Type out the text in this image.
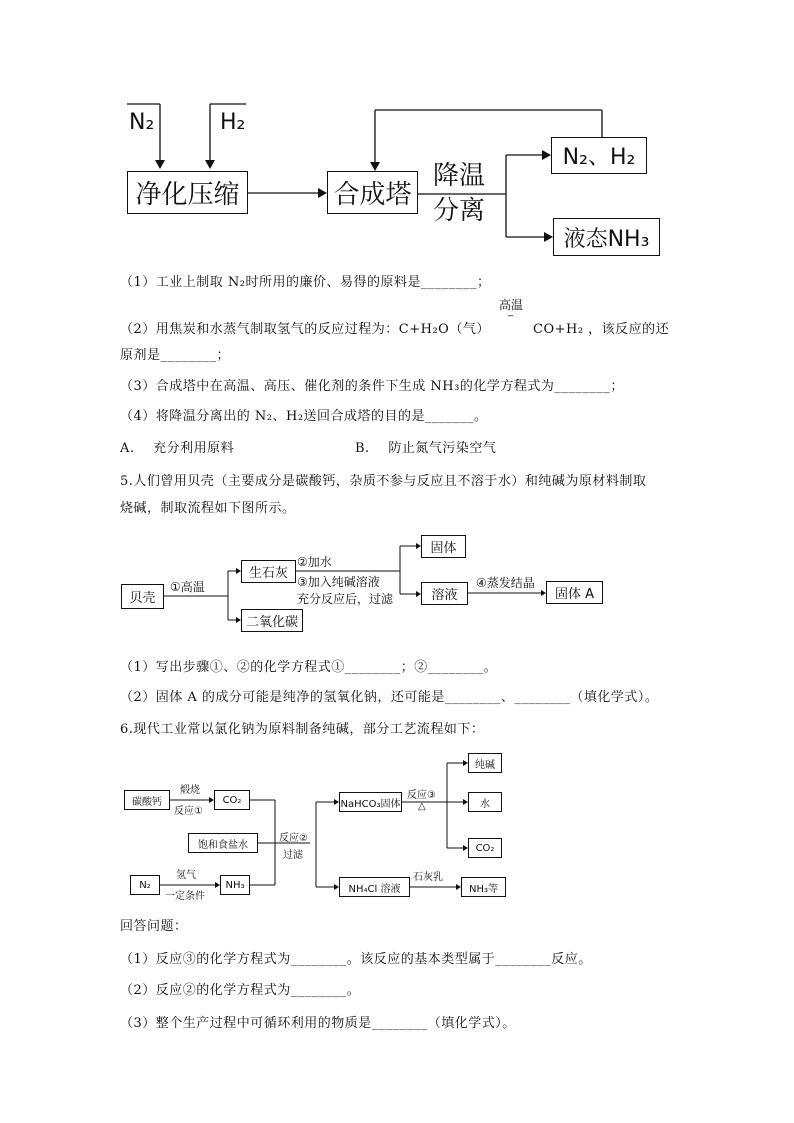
N₂	H₂
净化压缩	合成塔
降温
分离
N₂、H₂
液态NH₃
（1）工业上制取 N₂时所用的廉价、易得的原料是________；
高温
‾
（2）用焦炭和水蒸气制取氢气的反应过程为：C+H₂O（气）	CO+H₂ ，该反应的还
原剂是________；
（3）合成塔中在高温、高压、催化剂的条件下生成 NH₃的化学方程式为________；
（4）将降温分离出的 N₂、H₂送回合成塔的目的是_______。
A. 充分利用原料	B. 防止氮气污染空气
5.人们曾用贝壳（主要成分是碳酸钙，杂质不参与反应且不溶于水）和纯碱为原材料制取
烧碱，制取流程如下图所示。
贝壳
①高温
生石灰
二氧化碳
②加水
③加入纯碱溶液
充分反应后，过滤
固体
溶液
④蒸发结晶
固体 A
（1）写出步骤①、②的化学方程式①________；②________。
（2）固体 A 的成分可能是纯净的氢氧化钠，还可能是________、________（填化学式）。
6.现代工业常以氯化钠为原料制备纯碱，部分工艺流程如下：
碳酸钙
煅烧
反应①
CO₂
饱和食盐水
反应②
过滤
N₂
氢气
一定条件
NH₃
NaHCO₃固体
反应③
△
纯碱
水
CO₂
NH₄Cl 溶液
石灰乳
NH₃等
回答问题：
（1）反应③的化学方程式为________。该反应的基本类型属于________反应。
（2）反应②的化学方程式为________。
（3）整个生产过程中可循环利用的物质是________（填化学式）。
